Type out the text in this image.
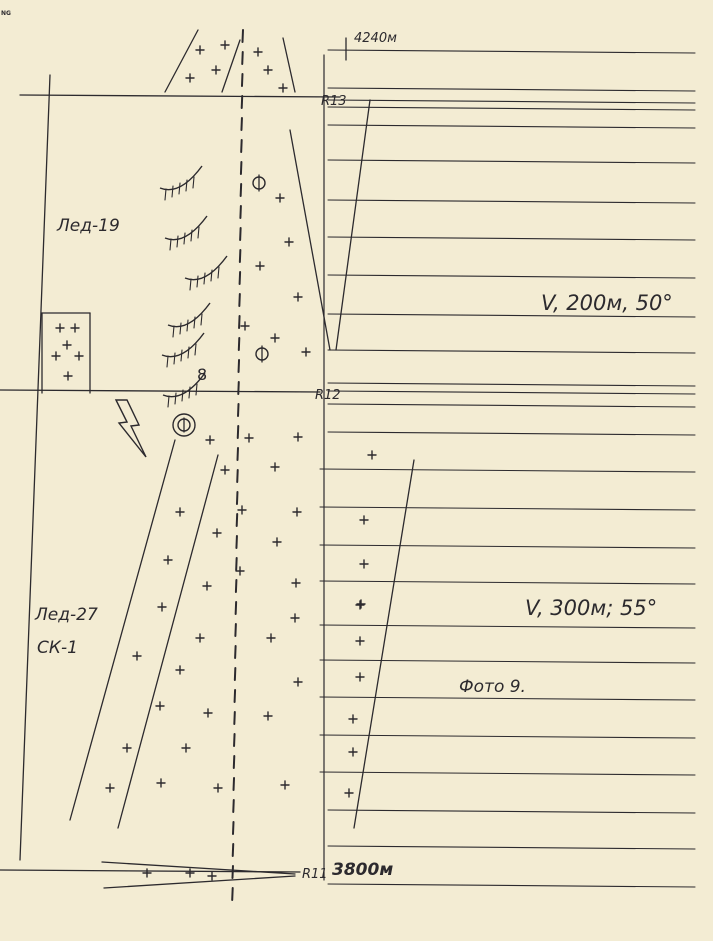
NG
4240м
R13
R12
R11 3800м
Лед-19
Лед-27
СК-1
V, 200м, 50°
V, 300м; 55°
Фото 9.
8
